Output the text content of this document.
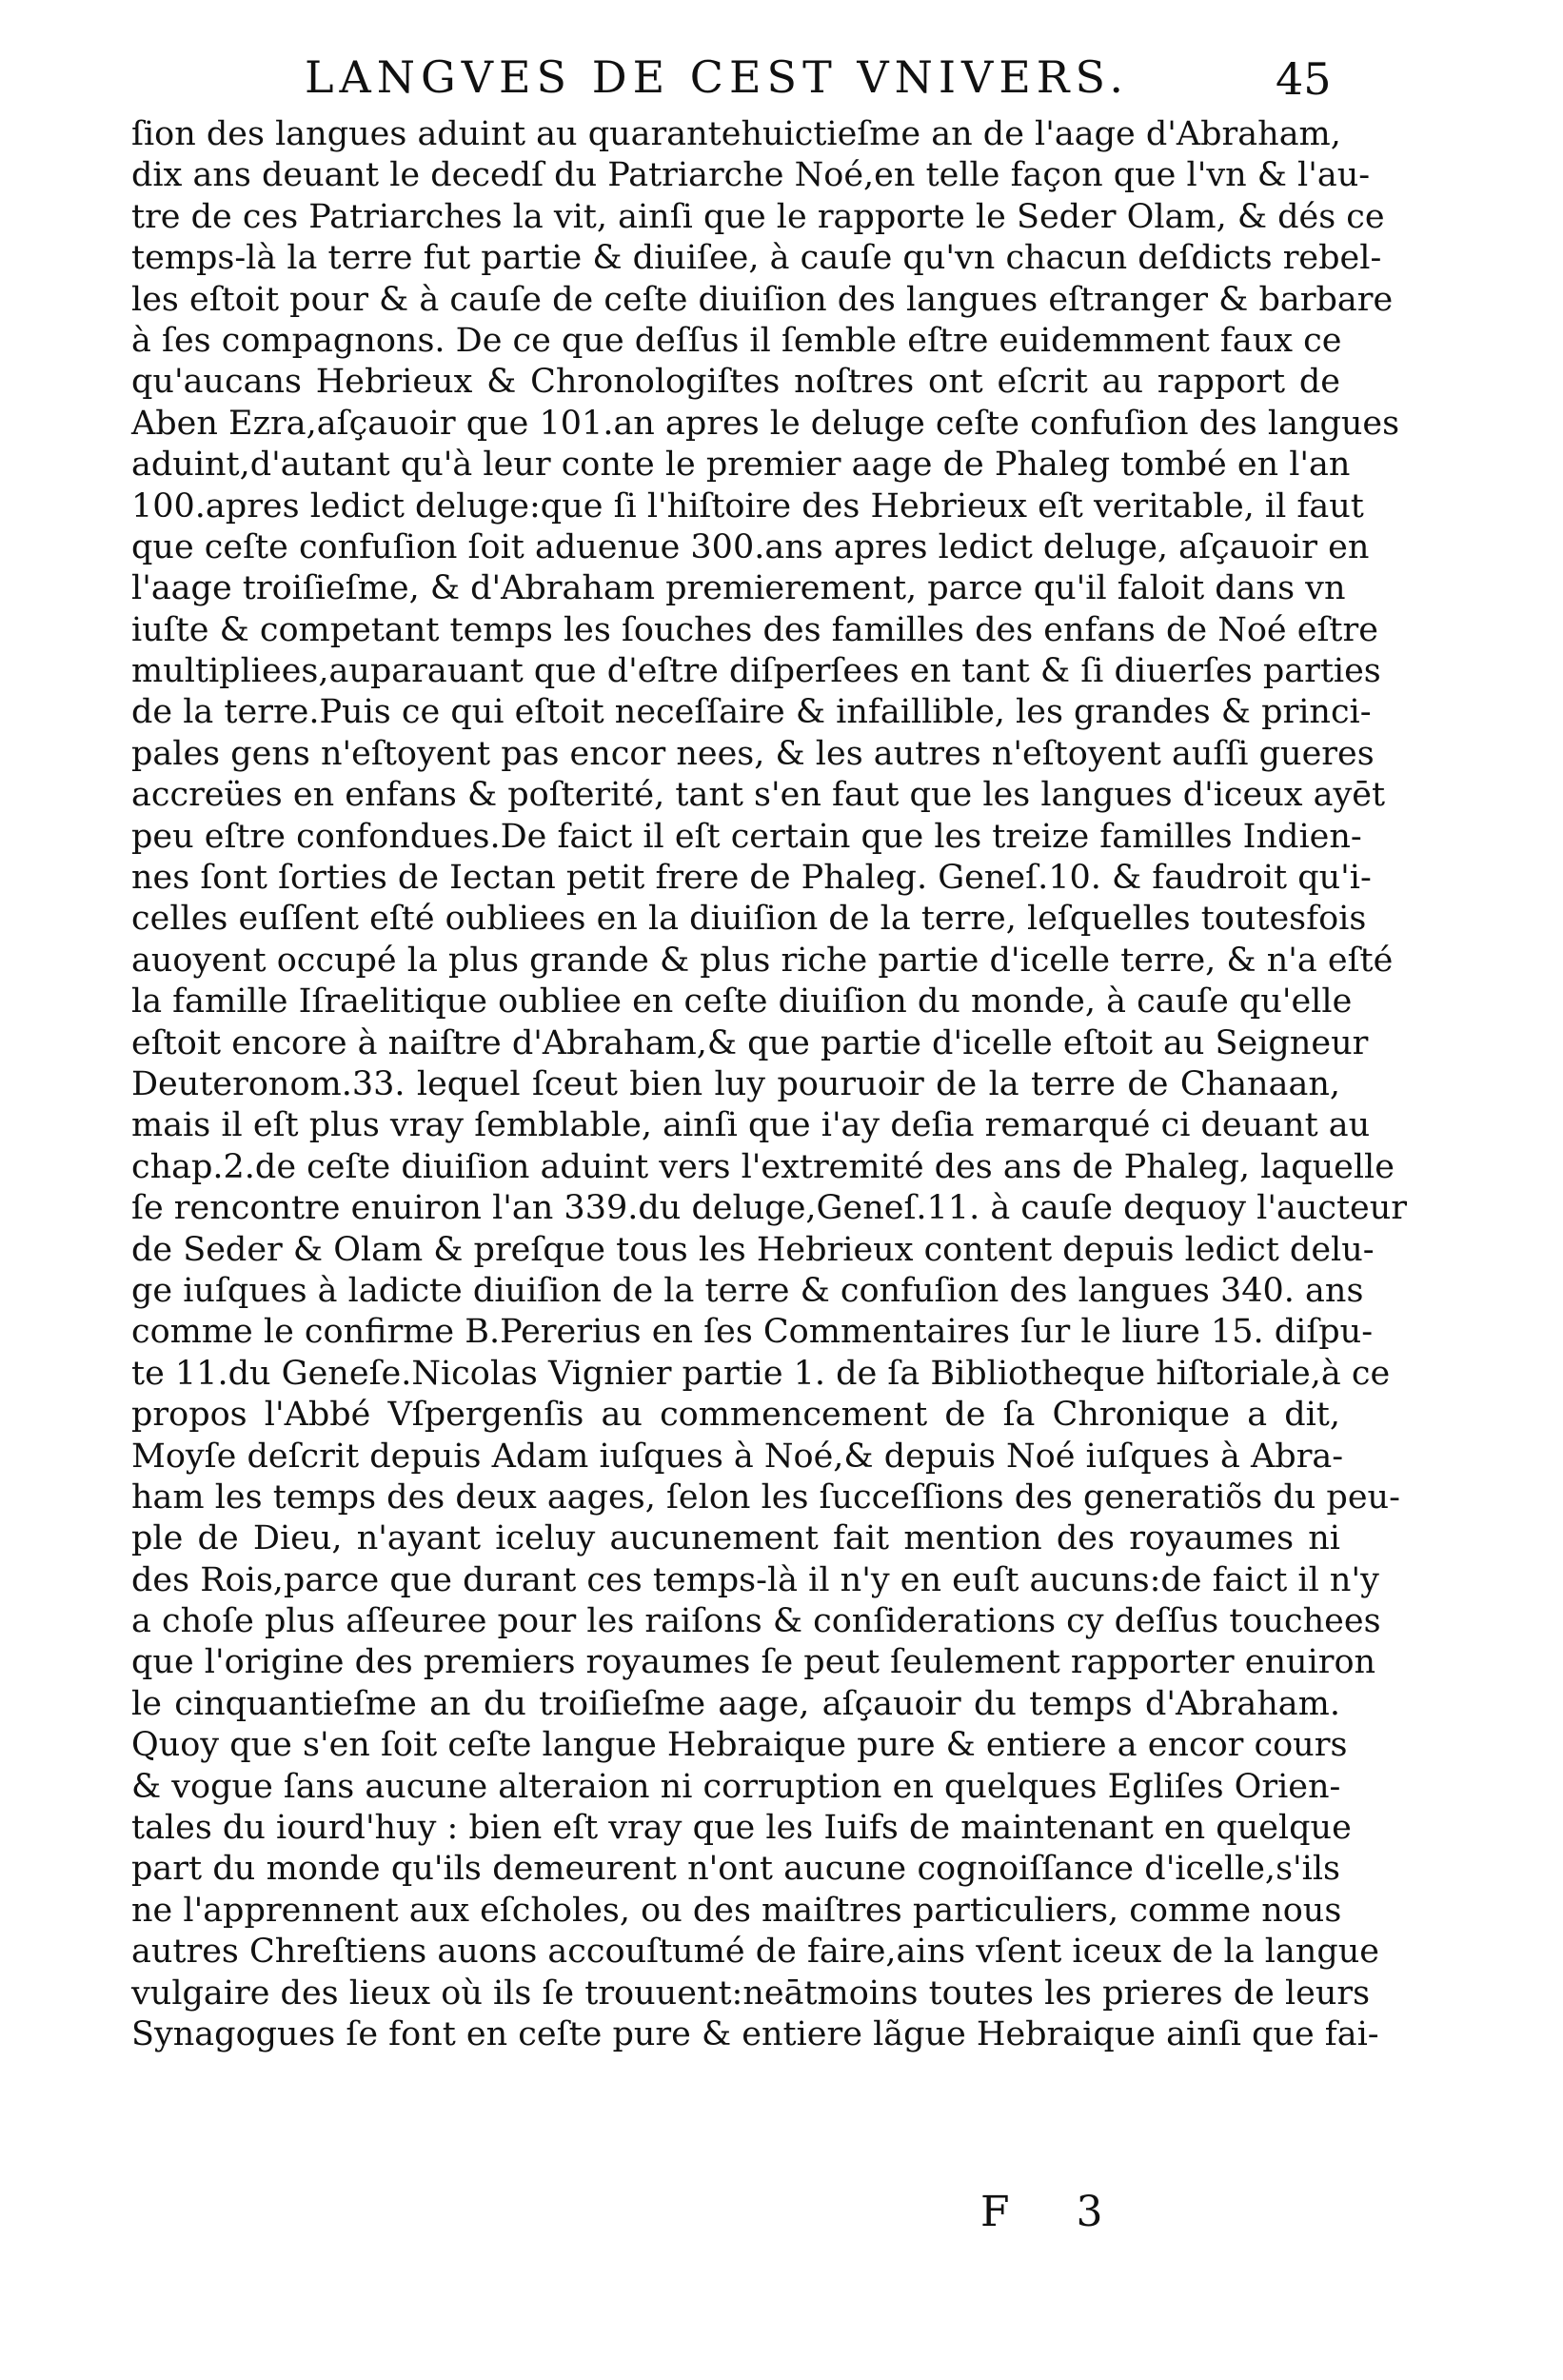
LANGVES DE CEST VNIVERS.	45
ſion des langues aduint au quarantehuictieſme an de l'aage d'Abraham,
dix ans deuant le decedſ du Patriarche Noé,en telle façon que l'vn & l'au-
tre de ces Patriarches la vit, ainſi que le rapporte le Seder Olam, & dés ce
temps-là la terre fut partie & diuiſee, à cauſe qu'vn chacun deſdicts rebel-
les eſtoit pour & à cauſe de ceſte diuiſion des langues eſtranger & barbare
à ſes compagnons. De ce que deſſus il ſemble eſtre euidemment faux ce
qu'aucans Hebrieux & Chronologiſtes noſtres ont eſcrit au rapport de
Aben Ezra,aſçauoir que 101.an apres le deluge ceſte confuſion des langues
aduint,d'autant qu'à leur conte le premier aage de Phaleg tombé en l'an
100.apres ledict deluge:que ſi l'hiſtoire des Hebrieux eſt veritable, il faut
que ceſte confuſion ſoit aduenue 300.ans apres ledict deluge, aſçauoir en
l'aage troiſieſme, & d'Abraham premierement, parce qu'il faloit dans vn
iuſte & competant temps les ſouches des familles des enfans de Noé eſtre
multipliees,auparauant que d'eſtre diſperſees en tant & ſi diuerſes parties
de la terre.Puis ce qui eſtoit neceſſaire & infaillible, les grandes & princi-
pales gens n'eſtoyent pas encor nees, & les autres n'eſtoyent auſſi gueres
accreües en enfans & poſterité, tant s'en faut que les langues d'iceux ayēt
peu eſtre confondues.De faict il eſt certain que les treize familles Indien-
nes ſont ſorties de Iectan petit frere de Phaleg. Geneſ.10. & faudroit qu'i-
celles euſſent eſté oubliees en la diuiſion de la terre, leſquelles toutesfois
auoyent occupé la plus grande & plus riche partie d'icelle terre, & n'a eſté
la famille Iſraelitique oubliee en ceſte diuiſion du monde, à cauſe qu'elle
eſtoit encore à naiſtre d'Abraham,& que partie d'icelle eſtoit au Seigneur
Deuteronom.33. lequel ſceut bien luy pouruoir de la terre de Chanaan,
mais il eſt plus vray ſemblable, ainſi que i'ay deſia remarqué ci deuant au
chap.2.de ceſte diuiſion aduint vers l'extremité des ans de Phaleg, laquelle
ſe rencontre enuiron l'an 339.du deluge,Geneſ.11. à cauſe dequoy l'aucteur
de Seder & Olam & preſque tous les Hebrieux content depuis ledict delu-
ge iuſques à ladicte diuiſion de la terre & confuſion des langues 340. ans
comme le confirme B.Pererius en ſes Commentaires ſur le liure 15. diſpu-
te 11.du Geneſe.Nicolas Vignier partie 1. de ſa Bibliotheque hiſtoriale,à ce
propos l'Abbé Vſpergenſis au commencement de ſa Chronique a dit,
Moyſe deſcrit depuis Adam iuſques à Noé,& depuis Noé iuſques à Abra-
ham les temps des deux aages, ſelon les ſucceſſions des generatiõs du peu-
ple de Dieu, n'ayant iceluy aucunement fait mention des royaumes ni
des Rois,parce que durant ces temps-là il n'y en euſt aucuns:de faict il n'y
a choſe plus aſſeuree pour les raiſons & conſiderations cy deſſus touchees
que l'origine des premiers royaumes ſe peut ſeulement rapporter enuiron
le cinquantieſme an du troiſieſme aage, aſçauoir du temps d'Abraham.
Quoy que s'en ſoit ceſte langue Hebraique pure & entiere a encor cours
& vogue ſans aucune alteraion ni corruption en quelques Egliſes Orien-
tales du iourd'huy : bien eſt vray que les Iuifs de maintenant en quelque
part du monde qu'ils demeurent n'ont aucune cognoiſſance d'icelle,s'ils
ne l'apprennent aux eſcholes, ou des maiſtres particuliers, comme nous
autres Chreſtiens auons accouſtumé de faire,ains vſent iceux de la langue
vulgaire des lieux où ils ſe trouuent:neātmoins toutes les prieres de leurs
Synagogues ſe font en ceſte pure & entiere lãgue Hebraique ainſi que fai-
F 3
